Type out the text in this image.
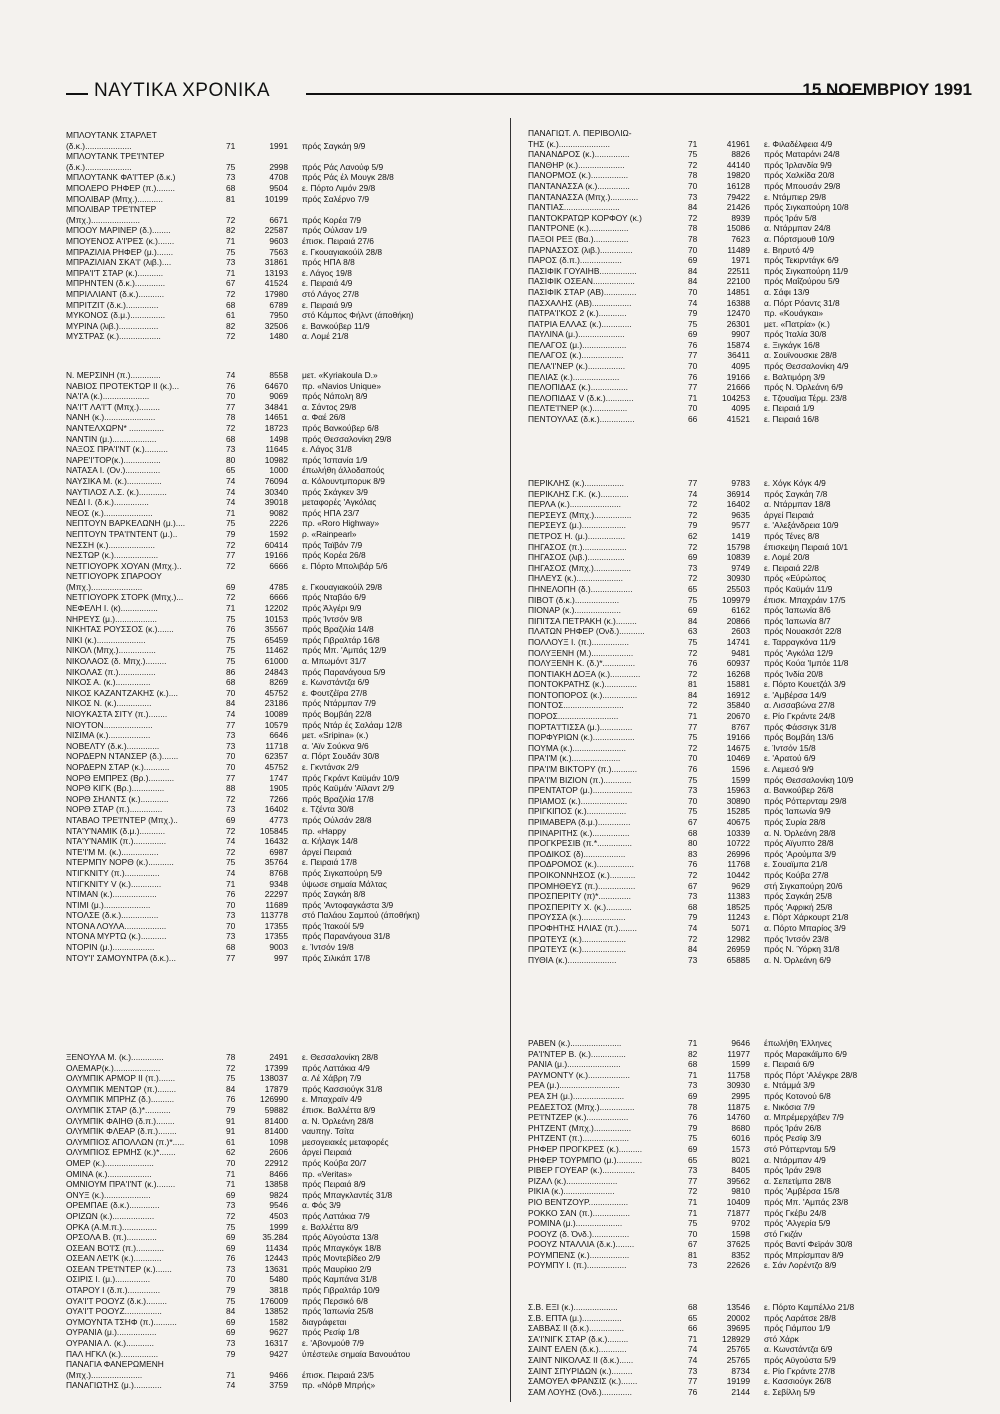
ΝΑΥΤΙΚΑ ΧΡΟΝΙΚΑ	15 ΝΟΕΜΒΡΙΟΥ 1991
ΜΠΛΟΥΤΑΝΚ ΣΤΑΡΛΕΤ
(δ.κ.)....................	71	1991 πρός Σαγκάη 9/9
ΜΠΛΟΥΤΑΝΚ ΤΡΕ'Ι'ΝΤΕΡ
(δ.κ.)....................	75	2998 πρός Ράς Λανούφ 5/9
ΜΠΛΟΥΤΑΝΚ ΦΑ'Ι'ΤΕΡ (δ.κ.)	73	4708 πρός Ράς έλ Μουγκ 28/8
ΜΠΟΛΕΡΟ ΡΗΦΕΡ (π.)........	68	9504 ε. Πόρτο Λιμόν 29/8
ΜΠΟΛΙΒΑΡ (Μπχ.)...........	81	10199 πρός Σαλέρνο 7/9
ΜΠΟΛΙΒΑΡ ΤΡΕ'Ι'ΝΤΕΡ
(Μπχ.).....................	72	6671 πρός Κορέα 7/9
ΜΠΟΟΥ ΜΑΡΙΝΕΡ (δ.)........	82	22587 πρός Ούλσαν 1/9
ΜΠΟΥΕΝΟΣ Α'Ι'ΡΕΣ (κ.).......	71	9603 έπισκ. Πειραιά 27/6
ΜΠΡΑΖΙΛΙΑ ΡΗΦΕΡ (μ.).......	75	7563 ε. Γκουαγιακούίλ 28/8
ΜΠΡΑΖΙΛΙΑΝ ΣΚΑ'Ι' (λιβ.)....	73	31861 πρός ΗΠΑ 8/8
ΜΠΡΑ'Ι'Τ ΣΤΑΡ (κ.)...........	71	13193 ε. Λάγος 19/8
ΜΠΡΗΝΤΕΝ (δ.κ.).............	67	41524 ε. Πειραιά 4/9
ΜΠΡΙΛΛΙΑΝΤ (δ.κ.)...........	72	17980 στό Λάγος 27/8
ΜΠΡΙΤΖΙΤ (δ.κ.)..............	68	6789 ε. Πειραιά 9/9
ΜΥΚΟΝΟΣ (δ.μ.)...............	61	7950 στό Κάμπος Φήλντ (άποθήκη)
ΜΥΡΙΝΑ (λιβ.).................	82	32506 ε. Βανκούβερ 11/9
ΜΥΣΤΡΑΣ (κ.)..................	72	1480 α. Λομέ 21/8
Ν. ΜΕΡΣΙΝΗ (π.).............	74	8558 μετ. «Kyriakoula D.»
ΝΑΒΙΟΣ ΠΡΟΤΕΚΤΩΡ ΙΙ (κ.)...	76	64670 πρ. «Navios Unique»
ΝΑ'Ι'Α (κ.)....................	70	9069 πρός Νάπολη 8/9
ΝΑ'Ι'Τ ΛΑ'Ι'Τ (Μπχ.).........	77	34841 α. Σάντος 29/8
ΝΑΝΗ (κ.)......................	78	14651 α. Φαέ 26/8
ΝΑΝΤΕΛΧΩΡΝ* ...............	72	18723 πρός Βανκούβερ 6/8
ΝΑΝΤΙΝ (μ.)...................	68	1498 πρός Θεσσαλονίκη 29/8
ΝΑΞΟΣ ΠΡΑ'Ι'ΝΤ (κ.)..........	73	11645 ε. Λάγος 31/8
ΝΑΡΕ'Ι'ΤΟΡ(κ.)................	80	10982 πρός Ίσπανία 1/9
ΝΑΤΑΣΑ Ι. (Ον.)...............	65	1000 έπωλήθη άλλοδαπούς
ΝΑΥΣΙΚΑ Μ. (κ.)...............	74	76094 α. Κόλουντμπορυκ 8/9
ΝΑΥΤΙΛΟΣ Λ.Σ. (κ.)............	74	30340 πρός Σκάγκεν 3/9
ΝΕΔΙ Ι. (δ.κ.)...............	74	39018 μεταφορές 'Αγκόλας
ΝΕΟΣ (κ.).....................	71	9082 πρός ΗΠΑ 23/7
ΝΕΠΤΟΥΝ ΒΑΡΚΕΛΩΝΗ (μ.)....	75	2226 πρ. «Roro Highway»
ΝΕΠΤΟΥΝ ΤΡΑ'Ι'ΝΤΕΝΤ (μ.)..	79	1592 ρ. «Rainpearl»
ΝΕΣΣΗ (κ.)....................	72	60414 πρός Ταϊβάν 7/9
ΝΕΣΤΩΡ (κ.)...................	77	19166 πρός Κορέα 26/8
ΝΕΤΓΙΟΥΟΡΚ ΧΟΥΑΝ (Μπχ.)..	72	6666 ε. Πόρτο Μπολιβάρ 5/6
ΝΕΤΓΙΟΥΟΡΚ ΣΠΑΡΟΟΥ
(Μπχ.)......................	69	4785 ε. Γκουαγιακούίλ 29/8
ΝΕΤΓΙΟΥΟΡΚ ΣΤΟΡΚ (Μπχ.)...	72	6666 πρός Νταβάο 6/9
ΝΕΦΕΛΗ Ι. (κ)................	71	12202 πρός Άλγέρι 9/9
ΝΗΡΕΥΣ (μ.)..................	75	10153 πρός Ίντσόν 9/8
ΝΙΚΗΤΑΣ ΡΟΥΣΣΟΣ (κ.).......	76	35567 πρός Βραζιλία 14/8
ΝΙΚΙ (κ.).....................	75	65459 πρός Γιβραλτάρ 16/8
ΝΙΚΟΛ (Μπχ.)................	75	11462 πρός Μπ. 'Αμπάς 12/9
ΝΙΚΟΛΑΟΣ (δ. Μπχ.).........	75	61000 α. Μπωμόντ 31/7
ΝΙΚΟΛΑΣ (π.)................	86	24843 πρός Παρανάγουα 5/9
ΝΙΚΟΣ Α. (κ.)...............	68	8269 ε. Κωνστάντζα 6/9
ΝΙΚΟΣ ΚΑΖΑΝΤΖΑΚΗΣ (κ.)....	70	45752 ε. Φουτζέϊρα 27/8
ΝΙΚΟΣ Ν. (κ.)...............	84	23186 πρός Ντάρμπαν 7/9
ΝΙΟΥΚΑΣΤΑ ΣΙΤΥ (π.)........	74	10089 πρός Βομβάη 22/8
ΝΙΟΥΤΟΝ.....................	77	10579 πρός Ντάρ ές Σαλάαμ 12/8
ΝΙΣΙΜΑ (κ.)..................	73	6646 μετ. «Sripina» (κ.)
ΝΟΒΕΛΤΥ (δ.κ.)..............	73	11718 α. 'Αϊν Σούκνα 9/6
ΝΟΡΔΕΡΝ ΝΤΑΝΣΕΡ (δ.).......	70	62357 α. Πόρτ Σουδάν 30/8
ΝΟΡΔΕΡΝ ΣΤΑΡ (κ.)...........	70	45752 ε. Γκντάνσκ 2/9
ΝΟΡΘ ΕΜΠΡΕΣ (Βρ.)...........	77	1747 πρός Γκράντ Καϋμάν 10/9
ΝΟΡΘ ΚΙΓΚ (Βρ.)..............	88	1905 πρός Καϋμάν 'Αϊλαντ 2/9
ΝΟΡΘ ΣΗΛΝΤΣ (κ.)............	72	7266 πρός Βραζιλία 17/8
ΝΟΡΘ ΣΤΑΡ (π.)..............	73	16402 ε. Τζέντα 30/8
ΝΤΑΒΑΟ ΤΡΕ'Ι'ΝΤΕΡ (Μπχ.)..	69	4773 πρός Ούλσάν 28/8
ΝΤΑ'Υ'ΝΑΜΙΚ (δ.μ.)...........	72	105845 πρ. «Happy
ΝΤΑ'Υ'ΝΑΜΙΚ (π.)..............	74	16432 α. Κήλαγκ 14/8
ΝΤΕ'Ι'Μ Μ. (κ.)................	72	6987 άργεί Πειραιά
ΝΤΕΡΜΠΥ ΝΟΡΘ (κ.)...........	75	35764 ε. Πειραιά 17/8
ΝΤΙΓΚΝΙΤΥ (π.)...............	74	8768 πρός Σιγκαπούρη 5/9
ΝΤΙΓΚΝΙΤΥ V (κ.).............	71	9348 ύψωσε σημαία Μάλτας
ΝΤΙΜΑΝ (κ.)...................	76	22297 πρός Σαγκάη 8/8
ΝΤΙΜΙ (μ.)....................	70	11689 πρός 'Αντοφαγκάστα 3/9
ΝΤΟΛΣΕ (δ.κ.)................	73	113778 στό Παλάου Σαμπού (άποθήκη)
ΝΤΟΝΑ ΛΟΥΛΑ..................	70	17355 πρός Ίτακούί 5/9
ΝΤΟΝΑ ΜΥΡΤΩ (κ.)...........	73	17355 πρός Παρανάγουα 31/8
ΝΤΟΡΙΝ (μ.)..................	68	9003 ε. Ίντσόν 19/8
ΝΤΟΥ'Ι' ΣΑΜΟΥΝΤΡΑ (δ.κ.)...	77	997 πρός Σιλικάπ 17/8
ΞΕΝΟΥΛΑ Μ. (κ.)..............	78	2491 ε. Θεσσαλονίκη 28/8
ΟΛΕΜΑΡ(κ.)....................	72	17399 πρός Λαττάκια 4/9
ΟΛΥΜΠΙΚ ΑΡΜΟΡ ΙΙ (π.).......	75	138037 α. Λέ Χάβρη 7/9
ΟΛΥΜΠΙΚ ΜΕΝΤΩΡ (π.)........	84	17879 πρός Κασσιούγκ 31/8
ΟΛΥΜΠΙΚ ΜΠΡΗΖ (δ.)..........	76	126990 ε. Μπαχραϊν 4/9
ΟΛΥΜΠΙΚ ΣΤΑΡ (δ.)*...........	79	59882 έπισκ. Βαλλέττα 8/9
ΟΛΥΜΠΙΚ ΦΑΙΗΘ (δ.π.)........	91	81400 α. Ν. Όρλεάνη 28/8
ΟΛΥΜΠΙΚ ΦΛΕΑΡ (δ.π.)........	91	81400 ναυπηγ. Τσίτα
ΟΛΥΜΠΙΟΣ ΑΠΟΛΛΩΝ (π.)*.....	61	1098 μεσογειακές μεταφορές
ΟΛΥΜΠΙΟΣ ΕΡΜΗΣ (κ.)*.......	62	2606 άργεί Πειραιά
ΟΜΕΡ (κ.).....................	70	22912 πρός Κούβα 20/7
ΟΜΙΝΑ (κ.)...................	71	8466 πρ. «Veritas»
ΟΜΝΙΟΥΜ ΠΡΑ'Ι'ΝΤ (κ.)........	71	13858 πρός Πειραιά 8/9
ΟΝΥΞ (κ.)....................	69	9824 πρός Μπαγκλαντές 31/8
ΟΡΕΜΠΑΕ (δ.κ.).............	73	9546 α. Φός 3/9
ΟΡΙΖΩΝ (κ.)..................	72	4503 πρός Λαττάκια 7/9
ΟΡΚΑ (Α.Μ.π.)...............	75	1999 ε. Βαλλέττα 8/9
ΟΡΣΟΛΑ Β. (π.).............	69	35.284 πρός Αϋγούστα 13/8
ΟΣΕΑΝ ΒΟ'Ι'Σ (π.)............	69	11434 πρός Μπαγκόγκ 18/8
ΟΣΕΑΝ ΛΕ'Ι'Κ (κ.)............	76	12443 πρός Μοντεβίδεο 2/9
ΟΣΕΑΝ ΤΡΕ'Ι'ΝΤΕΡ (κ.).......	73	13631 πρός Μαυρίκιο 2/9
ΟΣΙΡΙΣ Ι. (μ.)...............	70	5480 πρός Καμπάνα 31/8
ΟΤΑΡΟΥ Ι (δ.π.)..............	79	3818 πρός Γιβραλτάρ 10/9
ΟΥΑ'Ι'Τ ΡΟΟΥΖ (δ.κ.).........	75	176009 πρός Περσικό 6/8
ΟΥΑ'Ι'Τ ΡΟΟΥΖ................	84	13852 πρός Ίαπωνία 25/8
ΟΥΜΟΥΝΤΑ ΤΣΗΦ (π.)..........	69	1582 διαγράφεται
ΟΥΡΑΝΙΑ (μ.).................	69	9627 πρός Ρεσίφ 1/8
ΟΥΡΑΝΙΑ Λ. (κ.)............	73	16317 ε. 'Αβονμούθ 7/9
ΠΑΛ ΗΓΚΛ (κ.)................	79	9427 ύπέστειλε σημαία Βανουάτου
ΠΑΝΑΓΙΑ ΦΑΝΕΡΩΜΕΝΗ
(Μπχ.)......................	71	9466 έπισκ. Πειραιά 23/5
ΠΑΝΑΓΙΩΤΗΣ (μ.)............	74	3759 πρ. «Νόρθ Μπρής»
ΠΑΝΑΓΙΩΤ. Λ. ΠΕΡΙΒΟΛΙΩ-
ΤΗΣ (κ.)......................	71	41961 ε. Φιλαδέλφεια 4/9
ΠΑΝΑΝΔΡΟΣ (κ.)...............	75	8826 πρός Ματαράνι 24/8
ΠΑΝΘΗΡ (κ.)....................	72	44140 πρός Ίρλανδία 9/9
ΠΑΝΟΡΜΟΣ (κ.)................	78	19820 πρός Χαλκίδα 20/8
ΠΑΝΤΑΝΑΣΣΑ (κ.)..............	70	16128 πρός Μπουσάν 29/8
ΠΑΝΤΑΝΑΣΣΑ (Μπχ.)............	73	79422 ε. Ντάμπιερ 29/8
ΠΑΝΤΙΑΣ........................	84	21426 πρός Σιγκαπούρη 10/8
ΠΑΝΤΟΚΡΑΤΩΡ ΚΟΡΦΟΥ (κ.)	72	8939 πρός Ίράν 5/8
ΠΑΝΤΡΟΝΕ (κ.).................	78	15086 α. Ντάρμπαν 24/8
ΠΑΞΟΙ ΡΕΞ (Βα.)...............	78	7623 α. Πόρτσμουθ 10/9
ΠΑΡΝΑΣΣΟΣ (λιβ.)..............	70	11489 ε. Βηρυτό 4/9
ΠΑΡΟΣ (δ.π.)..................	69	1971 πρός Τεκιρντάγκ 6/9
ΠΑΣΙΦΙΚ ΓΟΥΑΙΗΒ................	84	22511 πρός Σιγκαπούρη 11/9
ΠΑΣΙΦΙΚ ΟΣΕΑΝ..................	84	22100 πρός Μαΐζούρου 5/9
ΠΑΣΙΦΙΚ ΣΤΑΡ (ΑΒ)..............	70	14851 α. Σάφι 13/9
ΠΑΣΧΑΛΗΣ (ΑΒ).................	74	16388 α. Πόρτ Ρόαντς 31/8
ΠΑΤΡΑ'Ι'ΚΟΣ 2 (κ.)............	79	12470 πρ. «Κουάγκαι»
ΠΑΤΡΙΑ ΕΛΛΑΣ (κ.).............	75	26301 μετ. «Πατρία» (κ.)
ΠΑΥΛΙΝΑ (μ.)....................	69	9907 πρός Ίταλία 30/8
ΠΕΛΑΓΟΣ (μ.)...................	76	15874 ε. Ξιγκάγκ 16/8
ΠΕΛΑΓΟΣ (κ.)..................	77	36411 α. Σουϊνουσκιε 28/8
ΠΕΛΑ'Ι'ΝΕΡ (κ.)................	70	4095 πρός Θεσσαλονίκη 4/9
ΠΕΛΙΑΣ (κ.)....................	76	19166 ε. Βαλτιμόρη 3/9
ΠΕΛΟΠΙΔΑΣ (κ.)................	77	21666 πρός Ν. Όρλεάνη 6/9
ΠΕΛΟΠΙΔΑΣ V (δ.κ.)............	71	104253 ε. Τζουαϊμα Τέρμ. 23/8
ΠΕΛΤΕ'Ι'ΝΕΡ (κ.)...............	70	4095 ε. Πειραιά 1/9
ΠΕΝΤΟΥΛΑΣ (δ.κ.)...............	66	41521 ε. Πειραιά 16/8
ΠΕΡΙΚΛΗΣ (κ.).................	77	9783 ε. Χόγκ Κόγκ 4/9
ΠΕΡΙΚΛΗΣ Γ.Κ. (κ.)............	74	36914 πρός Σαγκάη 7/8
ΠΕΡΛΑ (κ.)......................	72	16402 α. Ντάρμπαν 18/8
ΠΕΡΣΕΥΣ (Μπχ.)................	72	9635 άργεί Πειραιά
ΠΕΡΣΕΥΣ (μ.)...................	79	9577 ε. 'Αλεξάνδρεια 10/9
ΠΕΤΡΟΣ Η. (μ.)................	62	1419 πρός Τένες 8/8
ΠΗΓΑΣΟΣ (π.)...................	72	15798 έπισκεψη Πειραιά 10/1
ΠΗΓΑΣΟΣ (λιβ.)................	69	10839 ε. Λομέ 20/8
ΠΗΓΑΣΟΣ (Μπχ.)................	73	9749 ε. Πειραιά 22/8
ΠΗΛΕΥΣ (κ.)....................	72	30930 πρός «Εύρώπος
ΠΗΝΕΛΟΠΗ (δ.)..................	65	25503 πρός Καϋμάν 11/9
ΠΙΒΟΤ (δ.κ.)...................	75	109979 έπισκ. Μπαχράιν 17/5
ΠΙΟΝΑΡ (κ.)....................	69	6162 πρός Ίαπωνία 8/6
ΠΙΠΙΤΣΑ ΠΕΤΡΑΚΗ (κ.).........	84	20866 πρός Ίαπωνία 8/7
ΠΛΑΤΩΝ ΡΗΦΕΡ (Ονδ.)...........	63	2603 πρός Νουακσότ 22/8
ΠΟΛΛΟΥΞ Ι. (π.)................	75	14741 ε. Ταρραγκόνα 11/9
ΠΟΛΥΞΕΝΗ (Μ.)..................	72	9481 πρός 'Αγκόλα 12/9
ΠΟΛΥΞΕΝΗ Κ. (δ.)*..............	76	60937 πρός Κούα 'Ιμπόε 11/8
ΠΟΝΤΙΑΚΗ ΔΟΞΑ (κ.).............	72	16268 πρός Ίνδία 20/8
ΠΟΝΤΟΚΡΑΤΗΣ (κ.)..............	81	15881 ε. Πόρτο Κουετζάλ 3/9
ΠΟΝΤΟΠΟΡΟΣ (κ.)...............	84	16912 ε. 'Αμβέρσα 14/9
ΠΟΝΤΟΣ..........................	72	35840 α. Λισσαβώνα 27/8
ΠΟΡΟΣ..........................	71	20670 ε. Ρίο Γκράντε 24/8
ΠΟΡΤΑ'Ι'ΤΙΣΣΑ (μ.)..............	77	8767 πρός Φάσσιγκ 31/8
ΠΟΡΦΥΡΙΩΝ (κ.)..................	75	19166 πρός Βομβάη 13/6
ΠΟΥΜΑ (κ.).......................	72	14675 ε. Ίντσόν 15/8
ΠΡΑ'Ι'Μ (κ.).....................	70	10469 ε. 'Αρατού 6/9
ΠΡΑ'Ι'Μ ΒΙΚΤΟΡΥ (π.)...........	76	1596 ε. Λεμεσό 9/9
ΠΡΑ'Ι'Μ ΒΙΖΙΟΝ (π.)............	75	1599 πρός Θεσσαλονίκη 10/9
ΠΡΕΝΤΑΤΟΡ (μ.).................	73	15963 α. Βανκούβερ 26/8
ΠΡΙΑΜΟΣ (κ.)....................	70	30890 πρός Ρόττερνταμ 29/8
ΠΡΙΓΚΙΠΟΣ (κ.).................	75	15285 πρός Ίαπωνία 9/9
ΠΡΙΜΑΒΕΡΑ (δ.μ.)..............	67	40675 πρός Συρία 28/8
ΠΡΙΝΑΡΙΤΗΣ (κ.)................	68	10339 α. Ν. Όρλεάνη 28/8
ΠΡΟΓΚΡΕΣΙΒ (π.*...............	80	10722 πρός Αϊγυπτο 28/8
ΠΡΟΔΙΚΟΣ (δ)..................	83	26996 πρός 'Αρούμπα 3/9
ΠΡΟΔΡΟΜΟΣ (κ.)................	76	11768 ε. Σουαϊμπα 21/8
ΠΡΟΙΚΟΝΝΗΣΟΣ (κ.)...........	72	10442 πρός Κούβα 27/8
ΠΡΟΜΗΘΕΥΣ (π.)................	67	9629 στή Σιγκαπούρη 20/6
ΠΡΟΣΠΕΡΙΤΥ (π)*..............	73	11383 πρός Σαγκάη 25/8
ΠΡΟΣΠΕΡΙΤΥ Χ. (κ.)...........	68	18525 πρός 'Αφρική 25/8
ΠΡΟΥΣΣΑ (κ.)...................	79	11243 ε. Πόρτ Χάρκουρτ 21/8
ΠΡΟΦΗΤΗΣ ΗΛΙΑΣ (π.)........	74	5071 α. Πόρτο Μπαρίος 3/9
ΠΡΩΤΕΥΣ (κ.)...................	72	12982 πρός Ίντσόν 23/8
ΠΡΩΤΕΥΣ (κ.)...................	84	26959 πρός Ν. Ύόρκη 31/8
ΠΥΘΙΑ (κ.).....................	73	65885 α. Ν. Όρλεάνη 6/9
ΡΑΒΕΝ (κ.)......................	71	9646 έπωλήθη Έλληνες
ΡΑ'Ι'ΝΤΕΡ Β. (κ.)...............	82	11977 πρός Μαρακάϊμπο 6/9
ΡΑΝΙΑ (μ.).......................	68	1599 ε. Πειραιά 6/9
ΡΑΥΜΟΝΤΥ (κ.)..................	71	11758 πρός Πόρτ 'Αλέγκρε 28/8
ΡΕΑ (μ.)..........................	73	30930 ε. Ντάμμά 3/9
ΡΕΑ ΣΗ (μ.)......................	69	2995 πρός Κοτονού 6/8
ΡΕΔΕΣΤΟΣ (Μπχ.)...............	78	11875 ε. Νικόσια 7/9
ΡΕ'Ι'ΝΤΖΕΡ (κ.)..................	76	14760 α. Μπρέμερχάβεν 7/9
ΡΗΤΖΕΝΤ (Μπχ.)................	79	8680 πρός Ίράν 26/8
ΡΗΤΖΕΝΤ (π.)....................	75	6016 πρός Ρεσίφ 3/9
ΡΗΦΕΡ ΠΡΟΓΚΡΕΣ (κ.)..........	69	1573 στό Ρόττερνταμ 5/9
ΡΗΦΕΡ ΤΟΥΡΜΠΟ (μ.)...........	65	8021 α. Ντάρμπαν 4/9
ΡΙΒΕΡ ΓΟΥΕΑΡ (κ.)..............	73	8405 πρός Ίράν 29/8
ΡΙΖΑΛ (κ.)......................	77	39562 α. Σεπετίμπα 28/8
ΡΙΚΙΑ (κ.)......................	72	9810 πρός 'Αμβέρσα 15/8
ΡΙΟ ΒΕΝΤΖΟΥΡ.................	71	10409 πρός Μπ. 'Αμπάς 23/8
ΡΟΚΚΟ ΣΑΝ (π.)................	71	71877 πρός Γκέβυ 24/8
ΡΟΜΙΝΑ (μ.)....................	75	9702 πρός 'Αλγερία 5/9
ΡΟΟΥΖ (δ. Όνδ.)................	70	1598 στό Γκιζάν
ΡΟΟΥΖ ΝΤΑΛΛΙΑ (δ.κ.)........	67	37625 πρός Βαντί Φεϊράν 30/8
ΡΟΥΜΠΕΝΣ (κ.).................	81	8352 πρός Μπρίσμπαν 8/9
ΡΟΥΜΠΥ Ι. (π.).................	73	22626 ε. Σάν Λορέντζο 8/9
Σ.Β. ΕΞΙ (κ.)...................	68	13546 ε. Πόρτο Καμπέλλο 21/8
Σ.Β. ΕΠΤΑ (μ.).................	65	20002 πρός Λαράτσε 28/8
ΣΑΒΒΑΣ ΙΙ (δ.κ.)...............	66	39695 πρός Γιάμπου 1/9
ΣΑ'Ι'ΝΙΓΚ ΣΤΑΡ (δ.κ.).........	71	128929 στό Χάρκ
ΣΑΙΝΤ ΕΛΕΝ (δ.κ.)............	74	25765 α. Κωνστάντζα 6/9
ΣΑΙΝΤ ΝΙΚΟΛΑΣ ΙΙ (δ.κ.)......	74	25765 πρός Αϋγούστα 5/9
ΣΑΙΝΤ ΣΠΥΡΙΔΩΝ (κ.).........	73	8734 ε. Ρίο Γκράντε 27/8
ΣΑΜΟΥΕΛ ΦΡΑΝΣΙΣ (κ.).......	77	19199 ε. Κασσιούγκ 26/8
ΣΑΜ ΛΟΥΗΣ (Ονδ.).............	76	2144 ε. Σεβίλλη 5/9
